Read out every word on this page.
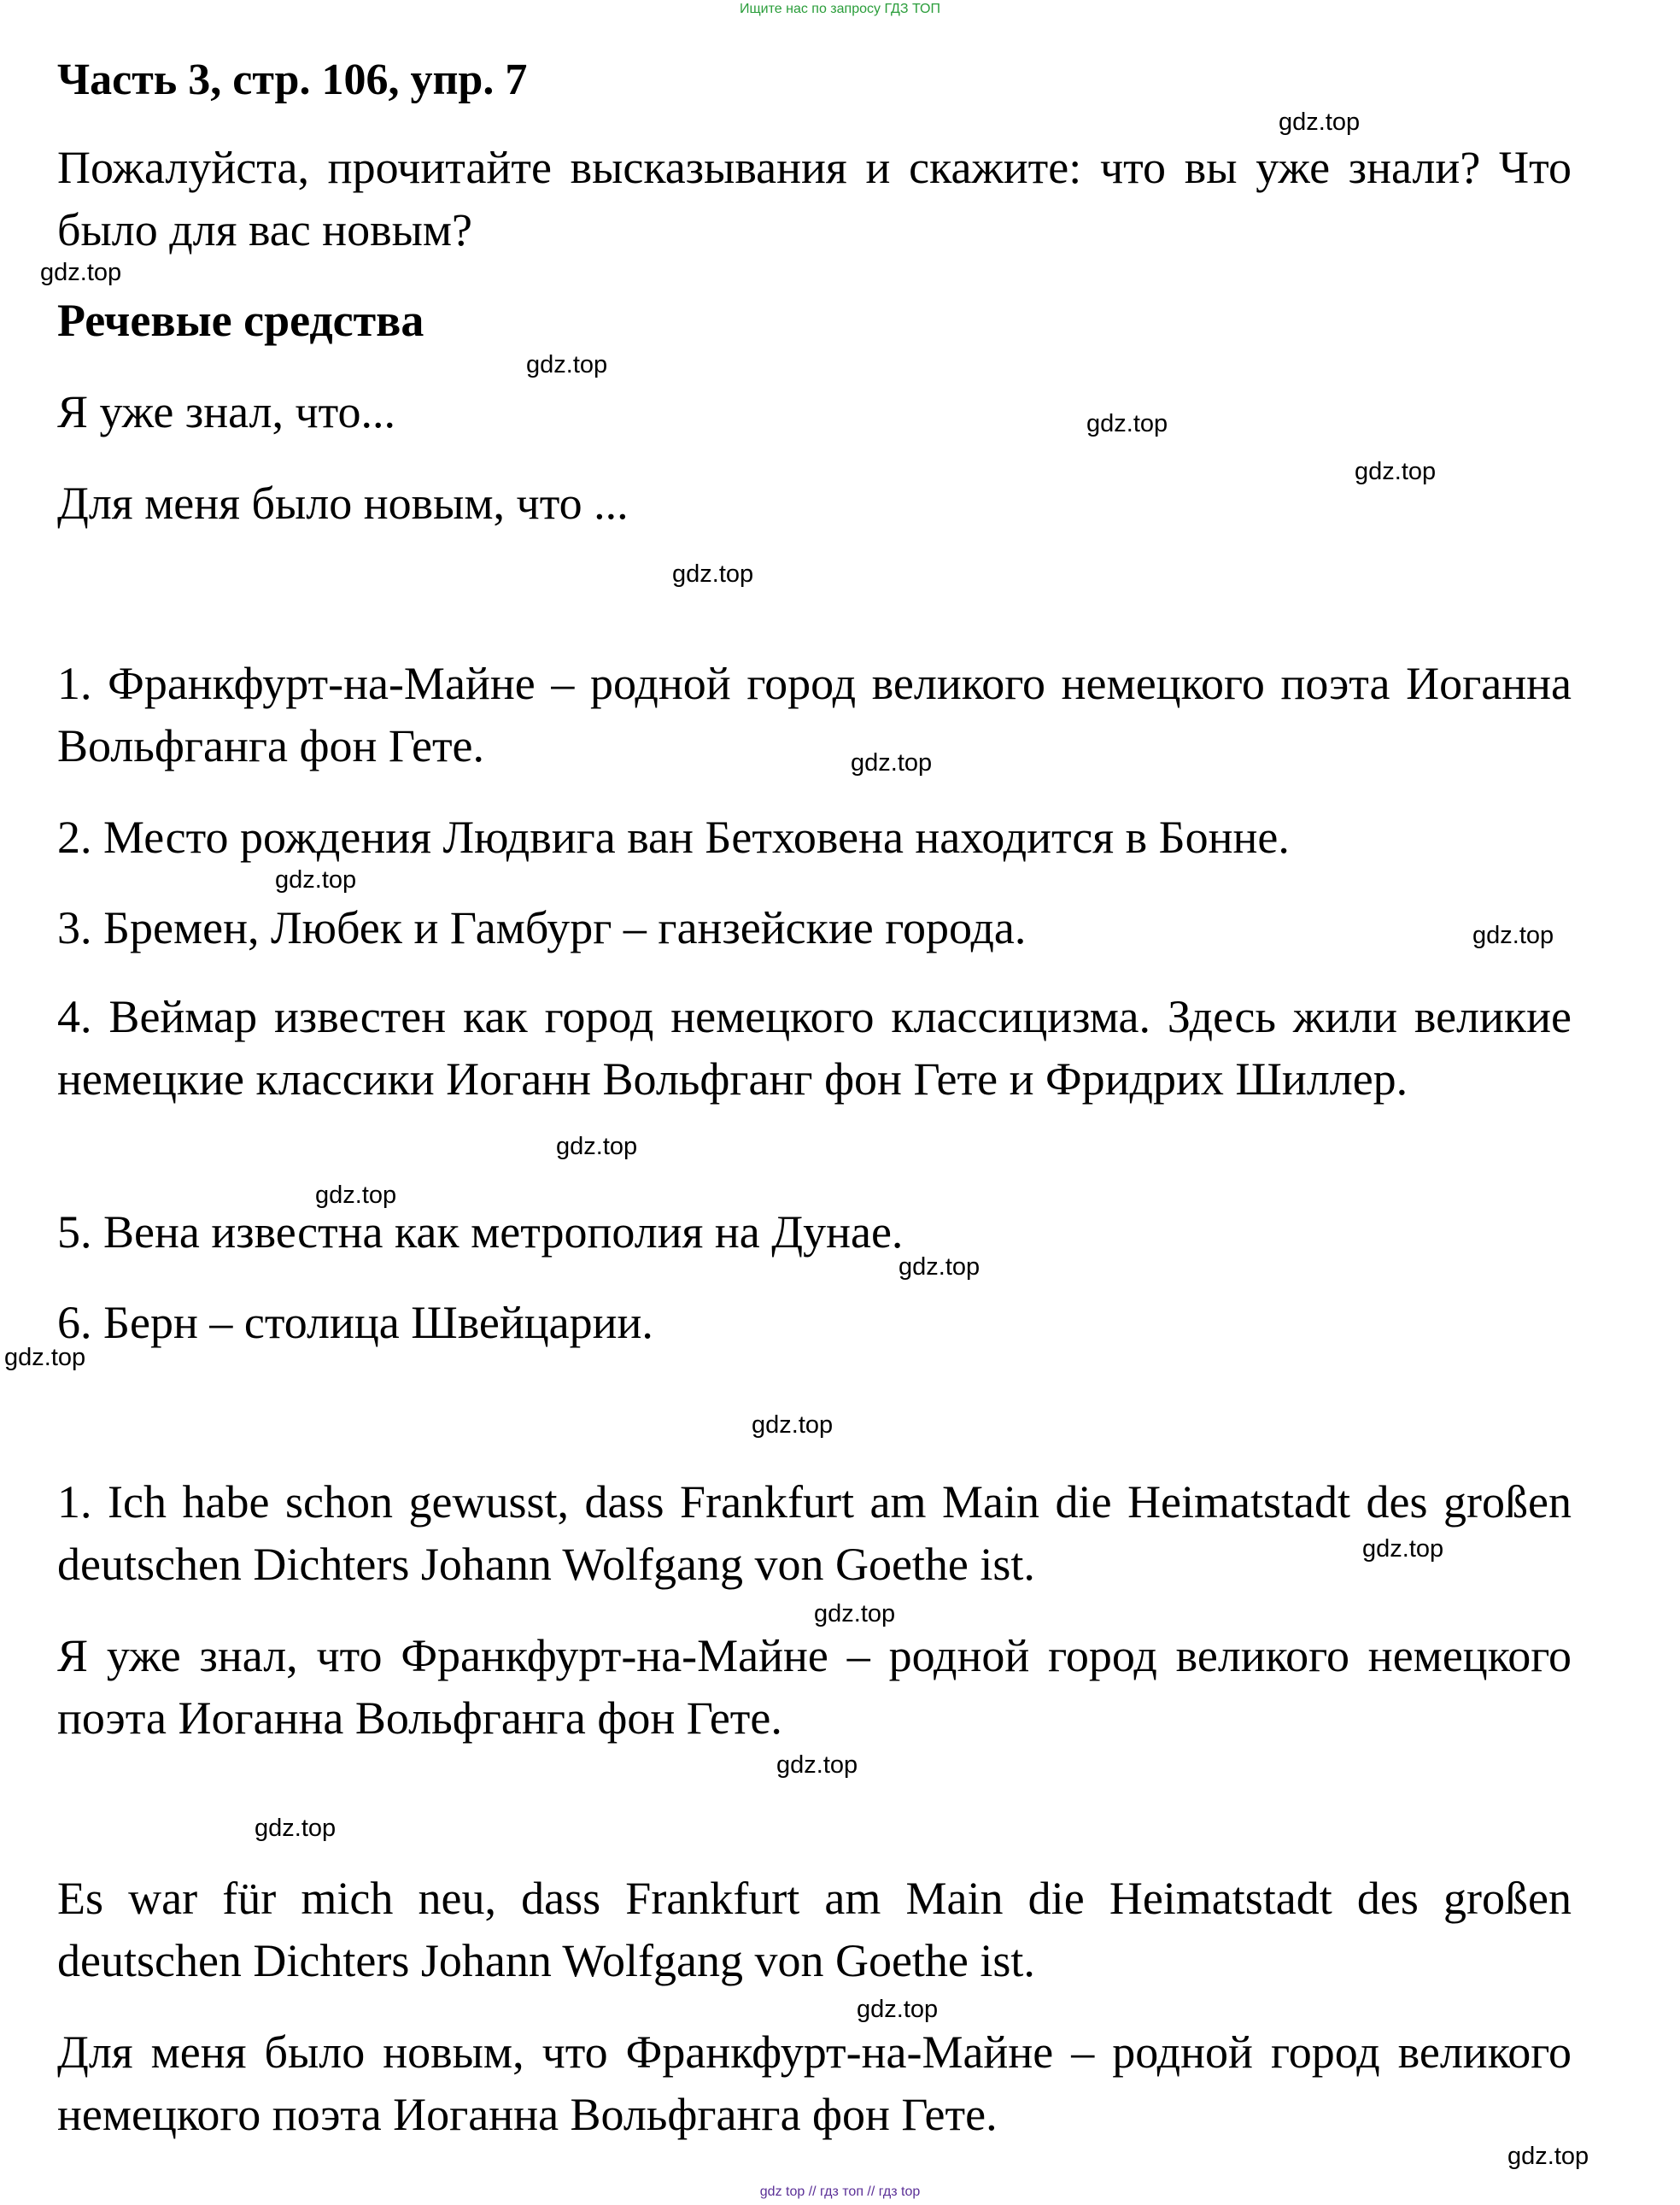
Ищите нас по запросу ГДЗ ТОП
Часть 3, стр. 106, упр. 7

Пожалуйста, прочитайте высказывания и скажите: что вы уже знали? Что было для вас новым?

Речевые средства

Я уже знал, что...

Для меня было новым, что ...

1. Франкфурт-на-Майне – родной город великого немецкого поэта Иоганна Вольфганга фон Гете.

2. Место рождения Людвига ван Бетховена находится в Бонне.

3. Бремен, Любек и Гамбург – ганзейские города.

4. Веймар известен как город немецкого классицизма. Здесь жили великие немецкие классики Иоганн Вольфганг фон Гете и Фридрих Шиллер.

5. Вена известна как метрополия на Дунае.

6. Берн – столица Швейцарии.

1. Ich habe schon gewusst, dass Frankfurt am Main die Heimatstadt des großen deutschen Dichters Johann Wolfgang von Goethe ist.

Я уже знал, что Франкфурт-на-Майне – родной город великого немецкого поэта Иоганна Вольфганга фон Гете.

Es war für mich neu, dass Frankfurt am Main die Heimatstadt des großen deutschen Dichters Johann Wolfgang von Goethe ist.

Для меня было новым, что Франкфурт-на-Майне – родной город великого немецкого поэта Иоганна Вольфганга фон Гете.

gdz.top
gdz.top
gdz.top
gdz.top
gdz.top
gdz.top
gdz.top
gdz.top
gdz.top
gdz.top
gdz.top
gdz.top
gdz.top
gdz.top
gdz.top
gdz.top
gdz.top
gdz.top
gdz.top
gdz.top
gdz top // гдз топ // гдз top
